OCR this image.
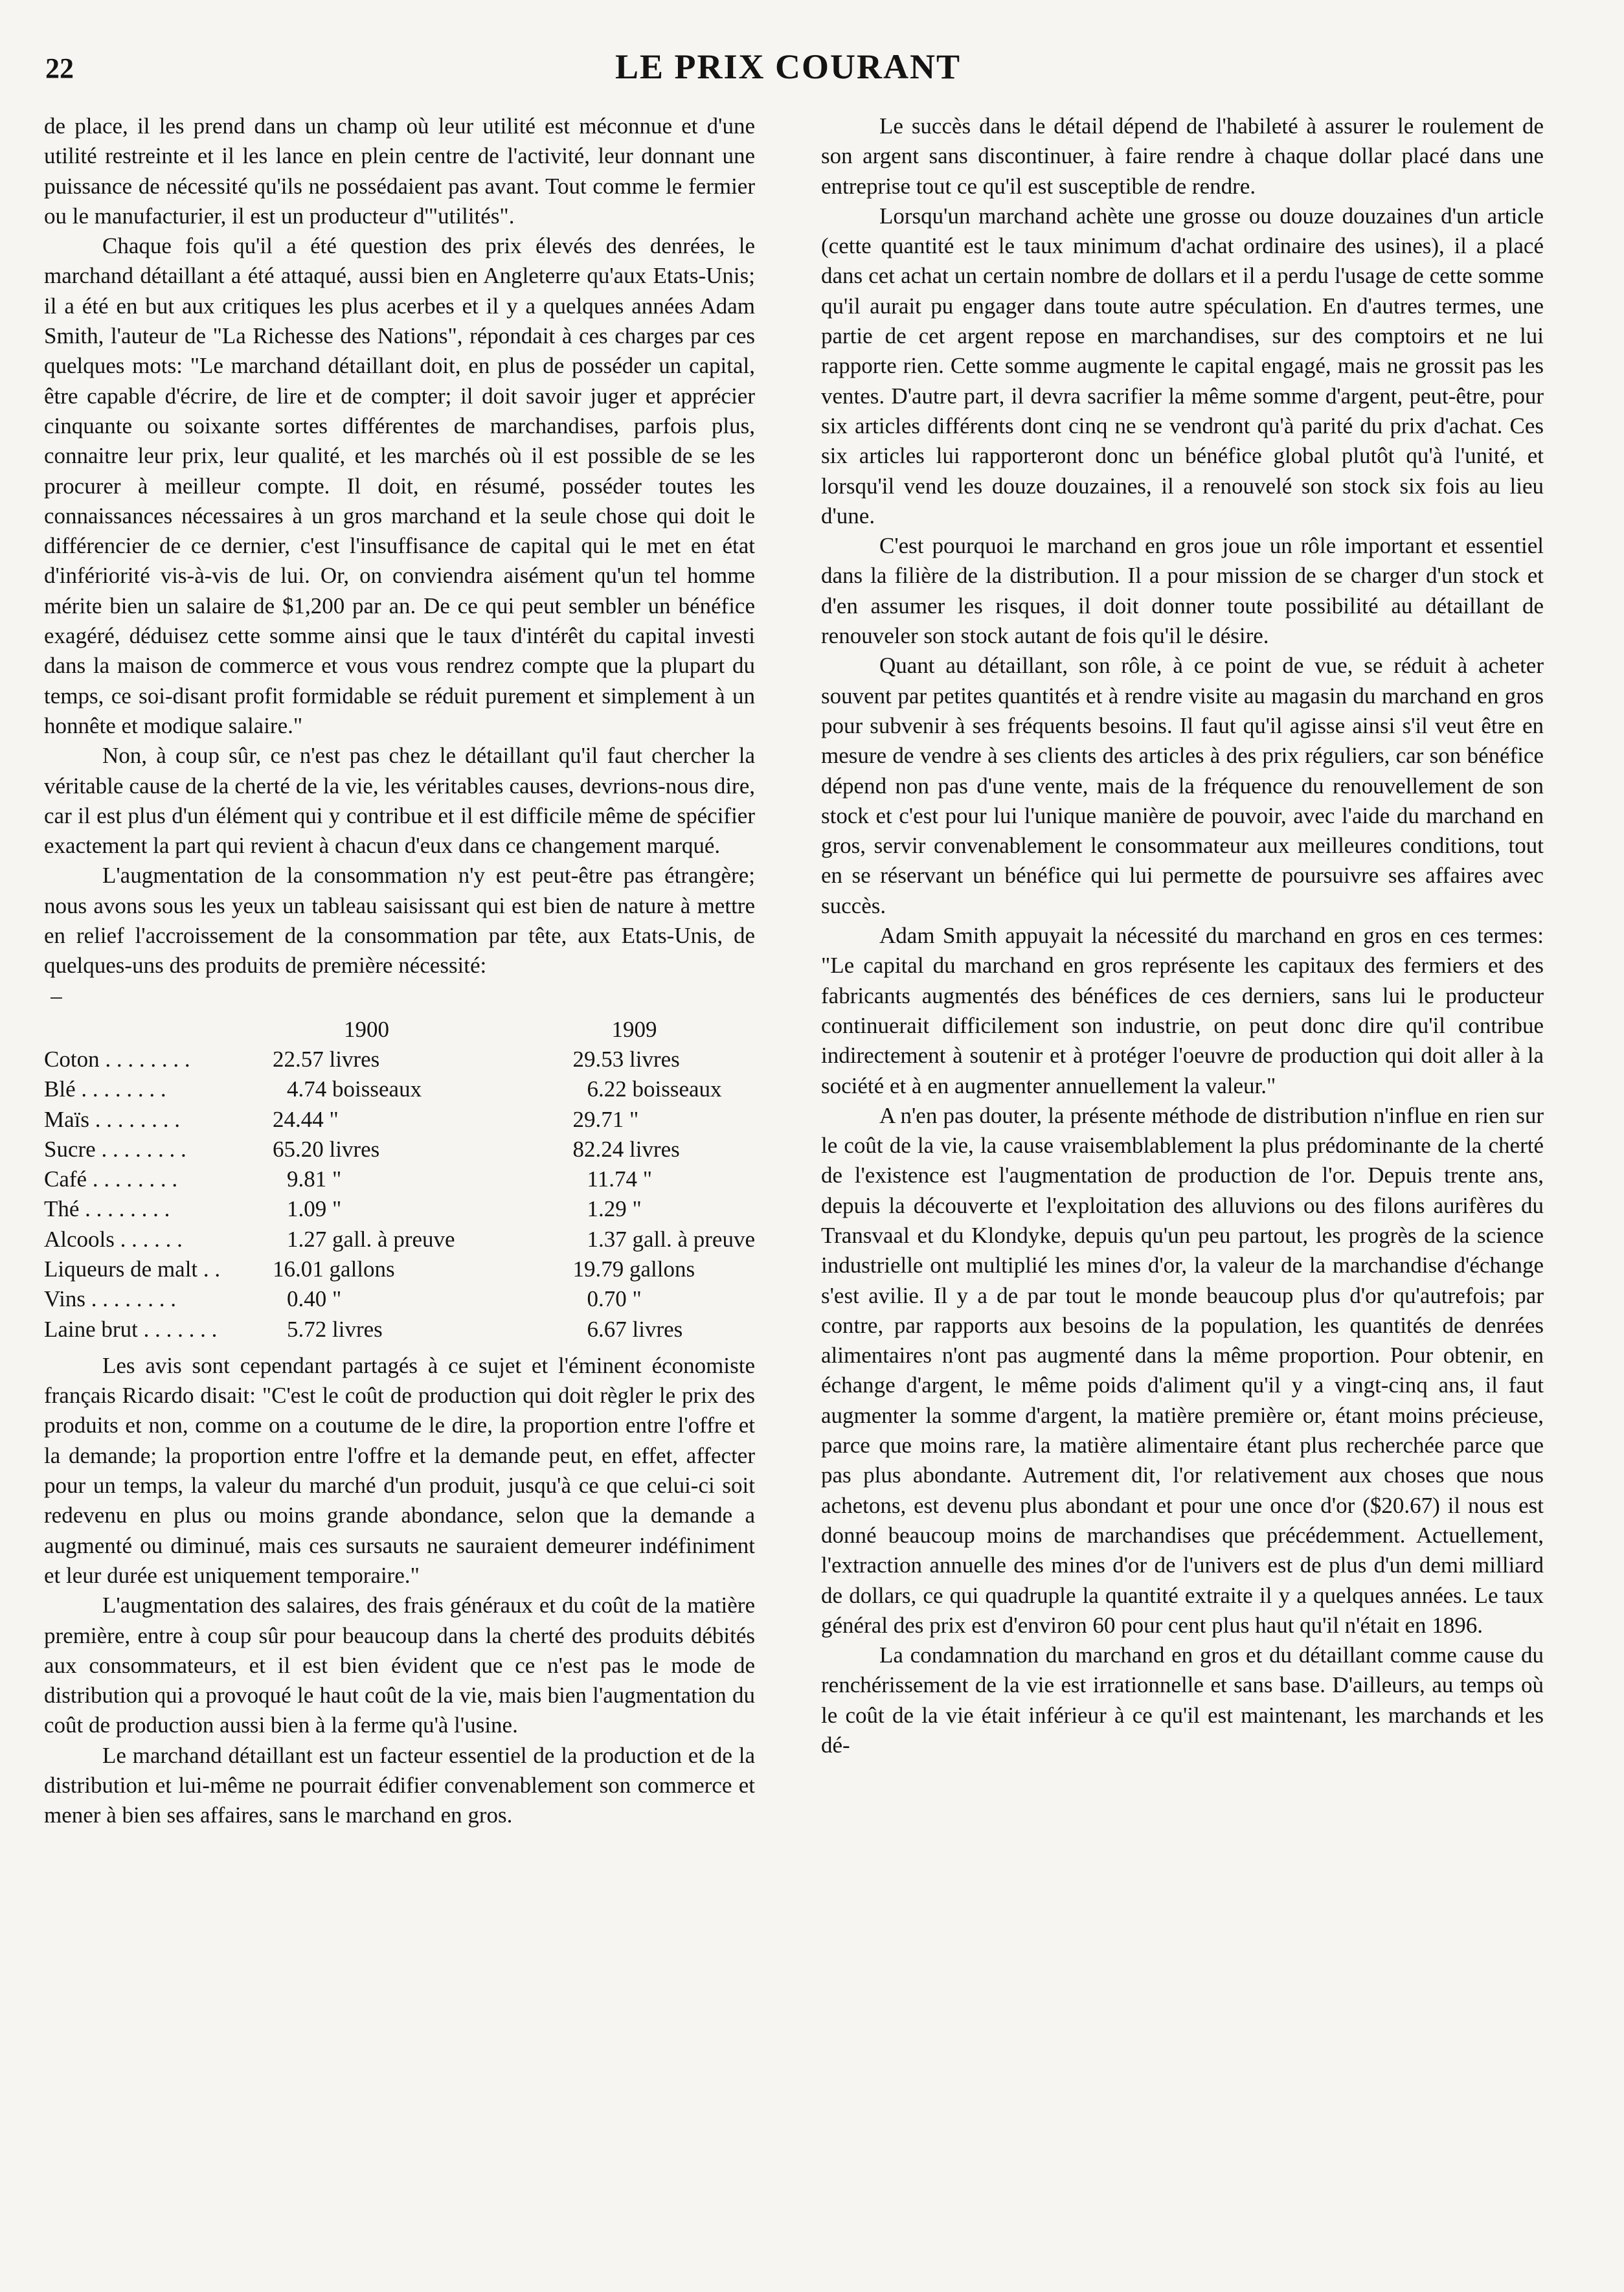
22	LE PRIX COURANT

de place, il les prend dans un champ où leur utilité est méconnue et d'une utilité restreinte et il les lance en plein centre de l'activité, leur donnant une puissance de nécessité qu'ils ne possédaient pas avant. Tout comme le fermier ou le manufacturier, il est un producteur d'"utilités".

Chaque fois qu'il a été question des prix élevés des denrées, le marchand détaillant a été attaqué, aussi bien en Angleterre qu'aux Etats-Unis; il a été en but aux critiques les plus acerbes et il y a quelques années Adam Smith, l'auteur de "La Richesse des Nations", répondait à ces charges par ces quelques mots: "Le marchand détaillant doit, en plus de posséder un capital, être capable d'écrire, de lire et de compter; il doit savoir juger et apprécier cinquante ou soixante sortes différentes de marchandises, parfois plus, connaitre leur prix, leur qualité, et les marchés où il est possible de se les procurer à meilleur compte. Il doit, en résumé, posséder toutes les connaissances nécessaires à un gros marchand et la seule chose qui doit le différencier de ce dernier, c'est l'insuffisance de capital qui le met en état d'infériorité vis-à-vis de lui. Or, on conviendra aisément qu'un tel homme mérite bien un salaire de $1,200 par an. De ce qui peut sembler un bénéfice exagéré, déduisez cette somme ainsi que le taux d'intérêt du capital investi dans la maison de commerce et vous vous rendrez compte que la plupart du temps, ce soi-disant profit formidable se réduit purement et simplement à un honnête et modique salaire."

Non, à coup sûr, ce n'est pas chez le détaillant qu'il faut chercher la véritable cause de la cherté de la vie, les véritables causes, devrions-nous dire, car il est plus d'un élément qui y contribue et il est difficile même de spécifier exactement la part qui revient à chacun d'eux dans ce changement marqué.

L'augmentation de la consommation n'y est peut-être pas étrangère; nous avons sous les yeux un tableau saisissant qui est bien de nature à mettre en relief l'accroissement de la consommation par tête, aux Etats-Unis, de quelques-uns des produits de première nécessité:

	1900	1909
Coton . . . . . . . .	22.57 livres	29.53 livres
Blé . . . . . . . .	4.74 boisseaux	6.22 boisseaux
Maïs . . . . . . . .	24.44 "	29.71 "
Sucre . . . . . . . .	65.20 livres	82.24 livres
Café . . . . . . . .	9.81 "	11.74 "
Thé . . . . . . . .	1.09 "	1.29 "
Alcools . . . . . .	1.27 gall. à preuve	1.37 gall. à preuve
Liqueurs de malt . .	16.01 gallons	19.79 gallons
Vins . . . . . . . .	0.40 "	0.70 "
Laine brut . . . . . . .	5.72 livres	6.67 livres

Les avis sont cependant partagés à ce sujet et l'éminent économiste français Ricardo disait: "C'est le coût de production qui doit règler le prix des produits et non, comme on a coutume de le dire, la proportion entre l'offre et la demande; la proportion entre l'offre et la demande peut, en effet, affecter pour un temps, la valeur du marché d'un produit, jusqu'à ce que celui-ci soit redevenu en plus ou moins grande abondance, selon que la demande a augmenté ou diminué, mais ces sursauts ne sauraient demeurer indéfiniment et leur durée est uniquement temporaire."

L'augmentation des salaires, des frais généraux et du coût de la matière première, entre à coup sûr pour beaucoup dans la cherté des produits débités aux consommateurs, et il est bien évident que ce n'est pas le mode de distribution qui a provoqué le haut coût de la vie, mais bien l'augmentation du coût de production aussi bien à la ferme qu'à l'usine.

Le marchand détaillant est un facteur essentiel de la production et de la distribution et lui-même ne pourrait édifier convenablement son commerce et mener à bien ses affaires, sans le marchand en gros.

Le succès dans le détail dépend de l'habileté à assurer le roulement de son argent sans discontinuer, à faire rendre à chaque dollar placé dans une entreprise tout ce qu'il est susceptible de rendre.

Lorsqu'un marchand achète une grosse ou douze douzaines d'un article (cette quantité est le taux minimum d'achat ordinaire des usines), il a placé dans cet achat un certain nombre de dollars et il a perdu l'usage de cette somme qu'il aurait pu engager dans toute autre spéculation. En d'autres termes, une partie de cet argent repose en marchandises, sur des comptoirs et ne lui rapporte rien. Cette somme augmente le capital engagé, mais ne grossit pas les ventes. D'autre part, il devra sacrifier la même somme d'argent, peut-être, pour six articles différents dont cinq ne se vendront qu'à parité du prix d'achat. Ces six articles lui rapporteront donc un bénéfice global plutôt qu'à l'unité, et lorsqu'il vend les douze douzaines, il a renouvelé son stock six fois au lieu d'une.

C'est pourquoi le marchand en gros joue un rôle important et essentiel dans la filière de la distribution. Il a pour mission de se charger d'un stock et d'en assumer les risques, il doit donner toute possibilité au détaillant de renouveler son stock autant de fois qu'il le désire.

Quant au détaillant, son rôle, à ce point de vue, se réduit à acheter souvent par petites quantités et à rendre visite au magasin du marchand en gros pour subvenir à ses fréquents besoins. Il faut qu'il agisse ainsi s'il veut être en mesure de vendre à ses clients des articles à des prix réguliers, car son bénéfice dépend non pas d'une vente, mais de la fréquence du renouvellement de son stock et c'est pour lui l'unique manière de pouvoir, avec l'aide du marchand en gros, servir convenablement le consommateur aux meilleures conditions, tout en se réservant un bénéfice qui lui permette de poursuivre ses affaires avec succès.

Adam Smith appuyait la nécessité du marchand en gros en ces termes: "Le capital du marchand en gros représente les capitaux des fermiers et des fabricants augmentés des bénéfices de ces derniers, sans lui le producteur continuerait difficilement son industrie, on peut donc dire qu'il contribue indirectement à soutenir et à protéger l'oeuvre de production qui doit aller à la société et à en augmenter annuellement la valeur."

A n'en pas douter, la présente méthode de distribution n'influe en rien sur le coût de la vie, la cause vraisemblablement la plus prédominante de la cherté de l'existence est l'augmentation de production de l'or. Depuis trente ans, depuis la découverte et l'exploitation des alluvions ou des filons aurifères du Transvaal et du Klondyke, depuis qu'un peu partout, les progrès de la science industrielle ont multiplié les mines d'or, la valeur de la marchandise d'échange s'est avilie. Il y a de par tout le monde beaucoup plus d'or qu'autrefois; par contre, par rapports aux besoins de la population, les quantités de denrées alimentaires n'ont pas augmenté dans la même proportion. Pour obtenir, en échange d'argent, le même poids d'aliment qu'il y a vingt-cinq ans, il faut augmenter la somme d'argent, la matière première or, étant moins précieuse, parce que moins rare, la matière alimentaire étant plus recherchée parce que pas plus abondante. Autrement dit, l'or relativement aux choses que nous achetons, est devenu plus abondant et pour une once d'or ($20.67) il nous est donné beaucoup moins de marchandises que précédemment. Actuellement, l'extraction annuelle des mines d'or de l'univers est de plus d'un demi milliard de dollars, ce qui quadruple la quantité extraite il y a quelques années. Le taux général des prix est d'environ 60 pour cent plus haut qu'il n'était en 1896.

La condamnation du marchand en gros et du détaillant comme cause du renchérissement de la vie est irrationnelle et sans base. D'ailleurs, au temps où le coût de la vie était inférieur à ce qu'il est maintenant, les marchands et les dé-
